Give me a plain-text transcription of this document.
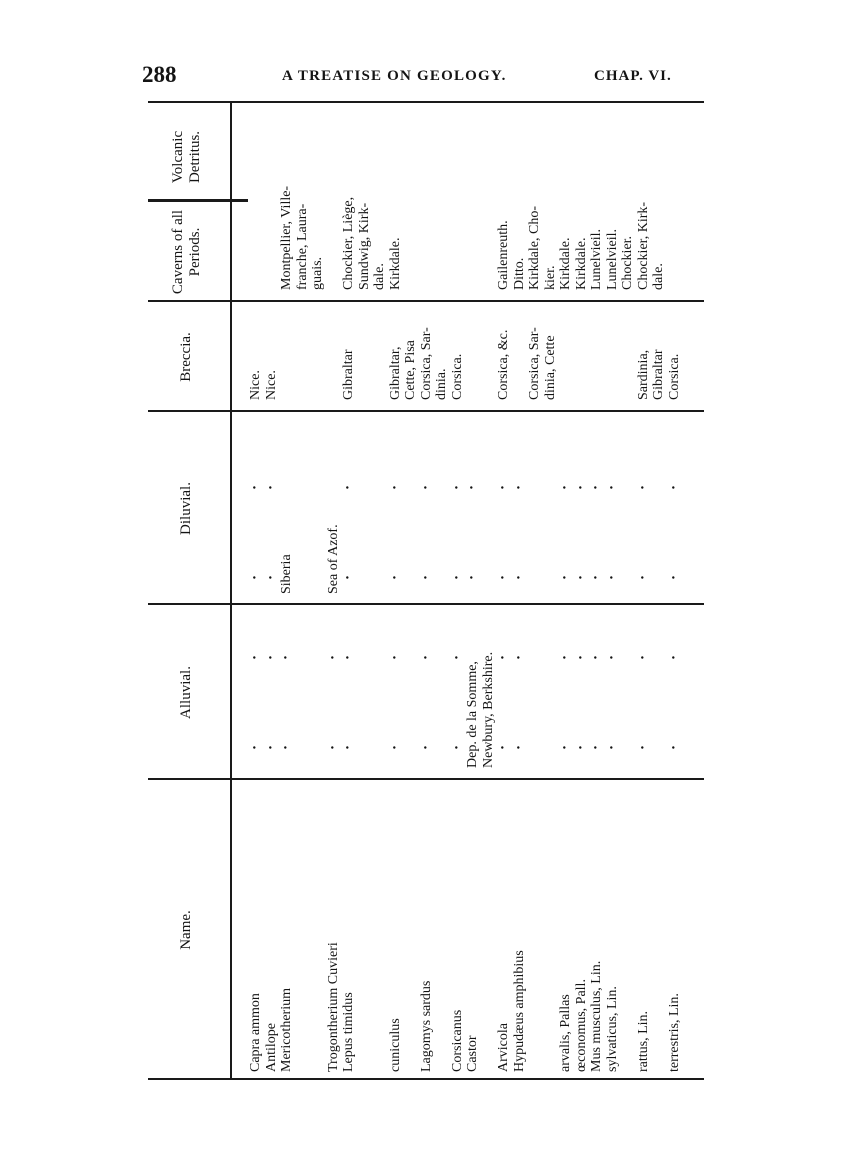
288	A TREATISE ON GEOLOGY.	CHAP. VI.
Name.
Alluvial.
Diluvial.
Breccia.
Caverns of all Periods.
Volcanic Detritus.
Capra ammon
Nice.
·
·
·
·
Antilope
Nice.
·
·
·
·
Mericotherium
Siberia
Montpellier, Ville-
·
·
franche, Laura- guais.
Trogontherium Cuvieri
Sea of Azof.
·
·
Lepus timidus
Gibraltar
Chockier, Liège,
·
·
·
·
Sundwig, Kirk- dale.
cuniculus
Gibraltar,
Kirkdale.
·
·
·
·
Cette, Pisa
Lagomys sardus
Corsica, Sar-
·
·
·
·
dinia.
Corsicanus
Corsica.
·
·
·
·
Castor
Dep. de la Somme,
·
·
Newbury, Berkshire.
Arvicola
Corsica, &c.
Gailenreuth.
·
·
·
·
Hypudæus amphibius
Ditto.
·
·
·
·
Corsica, Sar-
Kirkdale, Cho-
dinia, Cette
kier.
arvalis, Pallas
Kirkdale.
·
·
·
·
œconomus, Pall.
Kirkdale.
·
·
·
·
Mus musculus, Lin.
Lunelvieil.
·
·
·
·
sylvaticus, Lin.
Lunelvieil.
·
·
·
·
Chockier.
rattus, Lin.
Sardinia,
Chockier, Kirk-
·
·
·
·
Gibraltar
dale.
terrestris, Lin.
Corsica.
·
·
·
·
